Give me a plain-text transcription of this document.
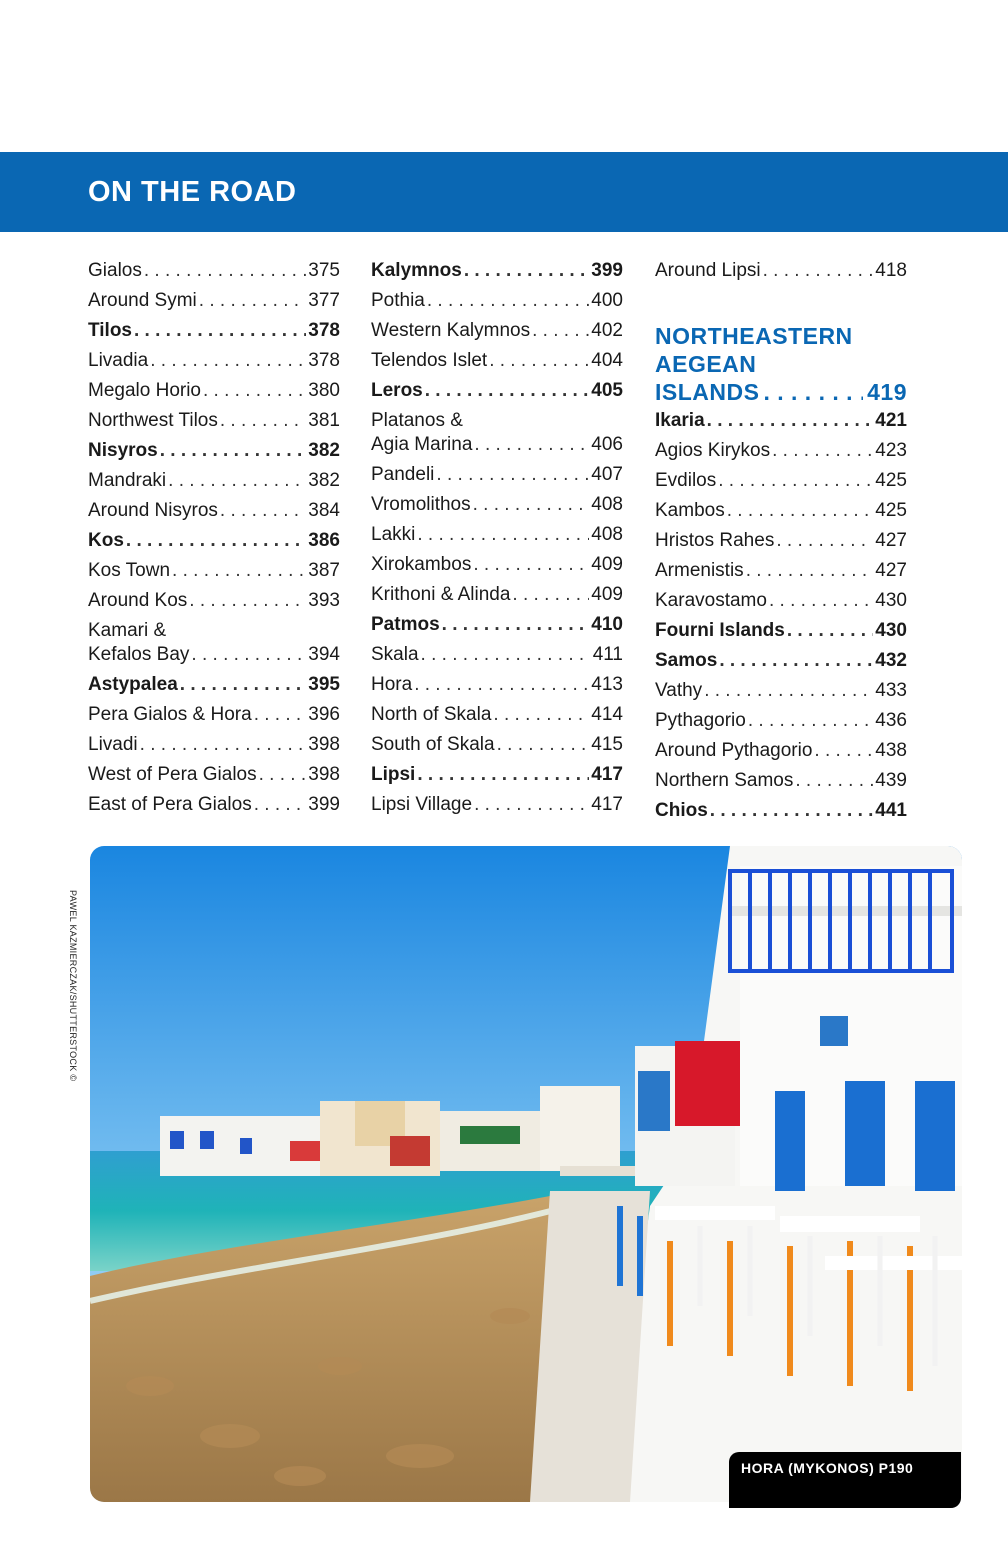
ON THE ROAD
Gialos . . .	375
Around Symi . . .	377
Tilos . . .	378
Livadia . . .	378
Megalo Horio . . .	380
Northwest Tilos . . .	381
Nisyros . . .	382
Mandraki . . .	382
Around Nisyros . . .	384
Kos . . .	386
Kos Town . . .	387
Around Kos . . .	393
Kamari &
Kefalos Bay . . .	394
Astypalea . . .	395
Pera Gialos & Hora . . .	396
Livadi . . .	398
West of Pera Gialos . . .	398
East of Pera Gialos . . .	399
Kalymnos . . .	399
Pothia . . .	400
Western Kalymnos . . .	402
Telendos Islet . . .	404
Leros . . .	405
Platanos &
Agia Marina . . .	406
Pandeli . . .	407
Vromolithos . . .	408
Lakki . . .	408
Xirokambos . . .	409
Krithoni & Alinda . . .	409
Patmos . . .	410
Skala . . .	411
Hora . . .	413
North of Skala . . .	414
South of Skala . . .	415
Lipsi . . .	417
Lipsi Village . . .	417
Around Lipsi . . .	418
NORTHEASTERN
AEGEAN
ISLANDS . . .	419
Ikaria . . .	421
Agios Kirykos . . .	423
Evdilos . . .	425
Kambos . . .	425
Hristos Rahes . . .	427
Armenistis . . .	427
Karavostamo . . .	430
Fourni Islands . . .	430
Samos . . .	432
Vathy . . .	433
Pythagorio . . .	436
Around Pythagorio . . .	438
Northern Samos . . .	439
Chios . . .	441
PAWEL KAZMIERCZAK/SHUTTERSTOCK ©
HORA (MYKONOS) P190
